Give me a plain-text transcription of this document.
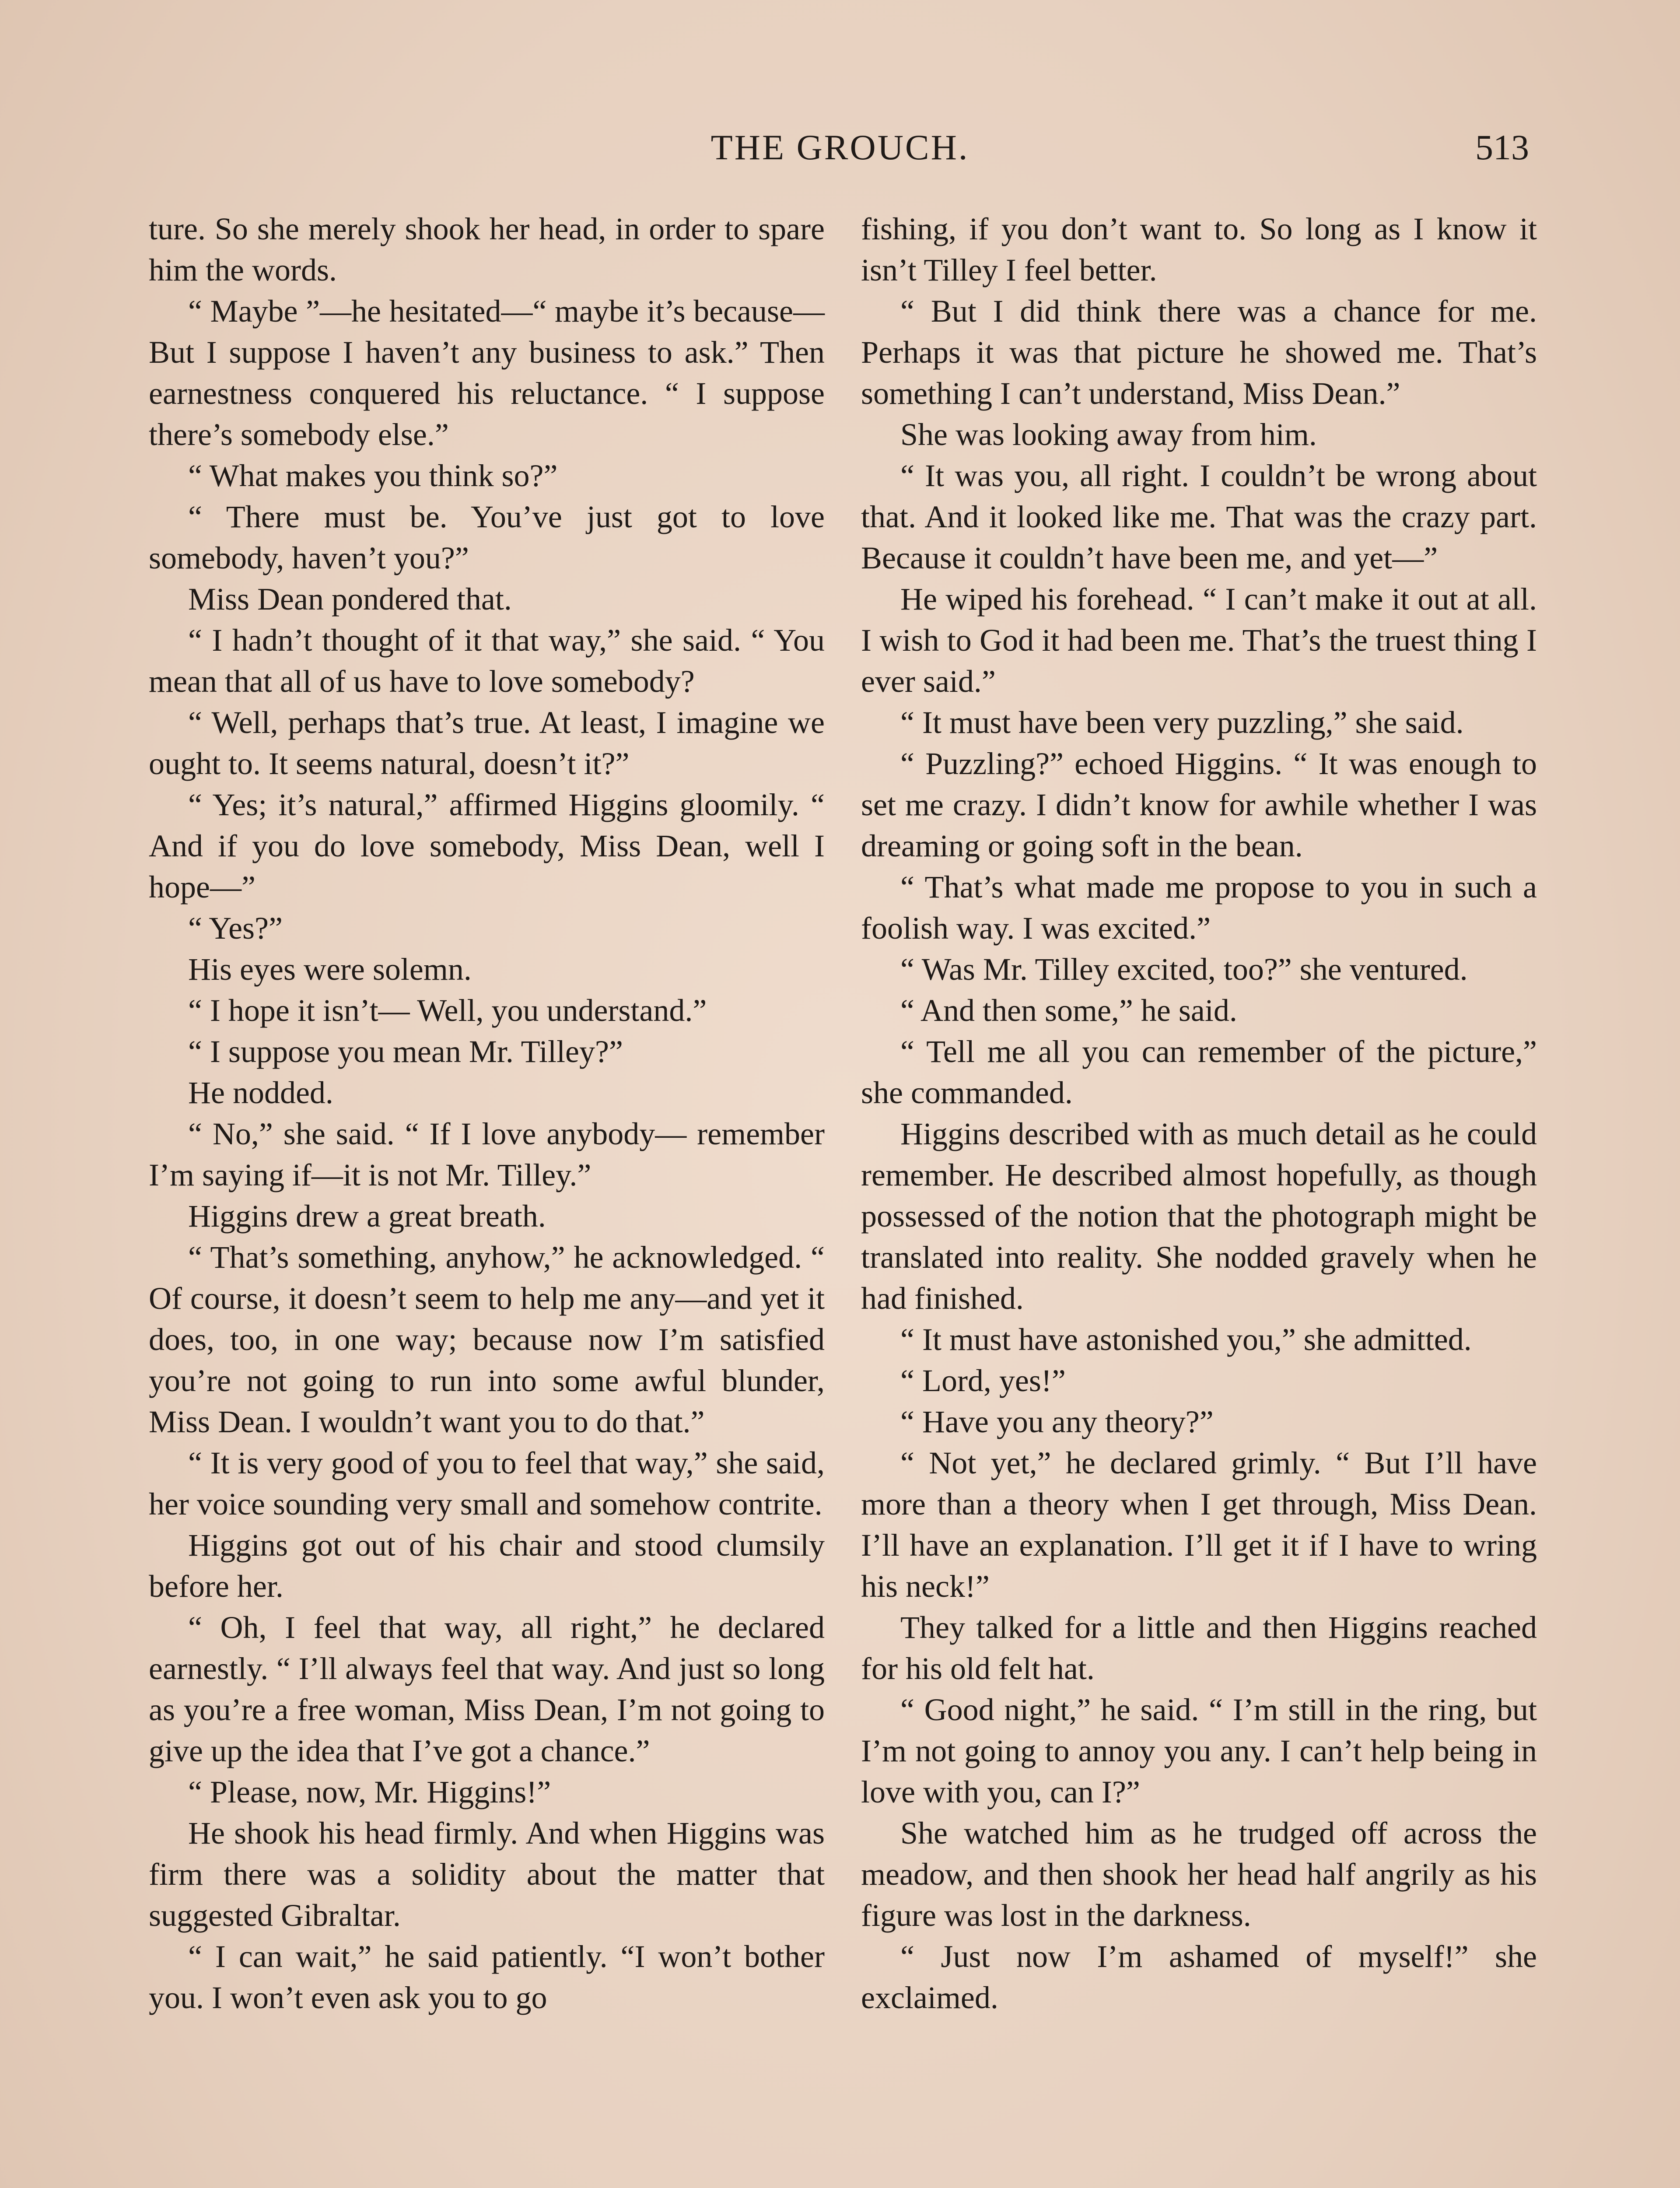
THE GROUCH.	513

ture. So she merely shook her head, in order to spare him the words.

“ Maybe ”—he hesitated—“ maybe it’s because— But I suppose I haven’t any business to ask.” Then earnestness conquered his reluctance. “ I suppose there’s somebody else.”

“ What makes you think so?”

“ There must be. You’ve just got to love somebody, haven’t you?”

Miss Dean pondered that.

“ I hadn’t thought of it that way,” she said. “ You mean that all of us have to love somebody?

“ Well, perhaps that’s true. At least, I imagine we ought to. It seems natural, doesn’t it?”

“ Yes; it’s natural,” affirmed Higgins gloomily. “ And if you do love somebody, Miss Dean, well I hope—”

“ Yes?”

His eyes were solemn.

“ I hope it isn’t— Well, you understand.”

“ I suppose you mean Mr. Tilley?”

He nodded.

“ No,” she said. “ If I love anybody— remember I’m saying if—it is not Mr. Tilley.”

Higgins drew a great breath.

“ That’s something, anyhow,” he acknowledged. “ Of course, it doesn’t seem to help me any—and yet it does, too, in one way; because now I’m satisfied you’re not going to run into some awful blunder, Miss Dean. I wouldn’t want you to do that.”

“ It is very good of you to feel that way,” she said, her voice sounding very small and somehow contrite.

Higgins got out of his chair and stood clumsily before her.

“ Oh, I feel that way, all right,” he declared earnestly. “ I’ll always feel that way. And just so long as you’re a free woman, Miss Dean, I’m not going to give up the idea that I’ve got a chance.”

“ Please, now, Mr. Higgins!”

He shook his head firmly. And when Higgins was firm there was a solidity about the matter that suggested Gibraltar.

“ I can wait,” he said patiently. “I won’t bother you. I won’t even ask you to go

fishing, if you don’t want to. So long as I know it isn’t Tilley I feel better.

“ But I did think there was a chance for me. Perhaps it was that picture he showed me. That’s something I can’t understand, Miss Dean.”

She was looking away from him.

“ It was you, all right. I couldn’t be wrong about that. And it looked like me. That was the crazy part. Because it couldn’t have been me, and yet—”

He wiped his forehead. “ I can’t make it out at all. I wish to God it had been me. That’s the truest thing I ever said.”

“ It must have been very puzzling,” she said.

“ Puzzling?” echoed Higgins. “ It was enough to set me crazy. I didn’t know for awhile whether I was dreaming or going soft in the bean.

“ That’s what made me propose to you in such a foolish way. I was excited.”

“ Was Mr. Tilley excited, too?” she ventured.

“ And then some,” he said.

“ Tell me all you can remember of the picture,” she commanded.

Higgins described with as much detail as he could remember. He described almost hopefully, as though possessed of the notion that the photograph might be translated into reality. She nodded gravely when he had finished.

“ It must have astonished you,” she admitted.

“ Lord, yes!”

“ Have you any theory?”

“ Not yet,” he declared grimly. “ But I’ll have more than a theory when I get through, Miss Dean. I’ll have an explanation. I’ll get it if I have to wring his neck!”

They talked for a little and then Higgins reached for his old felt hat.

“ Good night,” he said. “ I’m still in the ring, but I’m not going to annoy you any. I can’t help being in love with you, can I?”

She watched him as he trudged off across the meadow, and then shook her head half angrily as his figure was lost in the darkness.

“ Just now I’m ashamed of myself!” she exclaimed.
